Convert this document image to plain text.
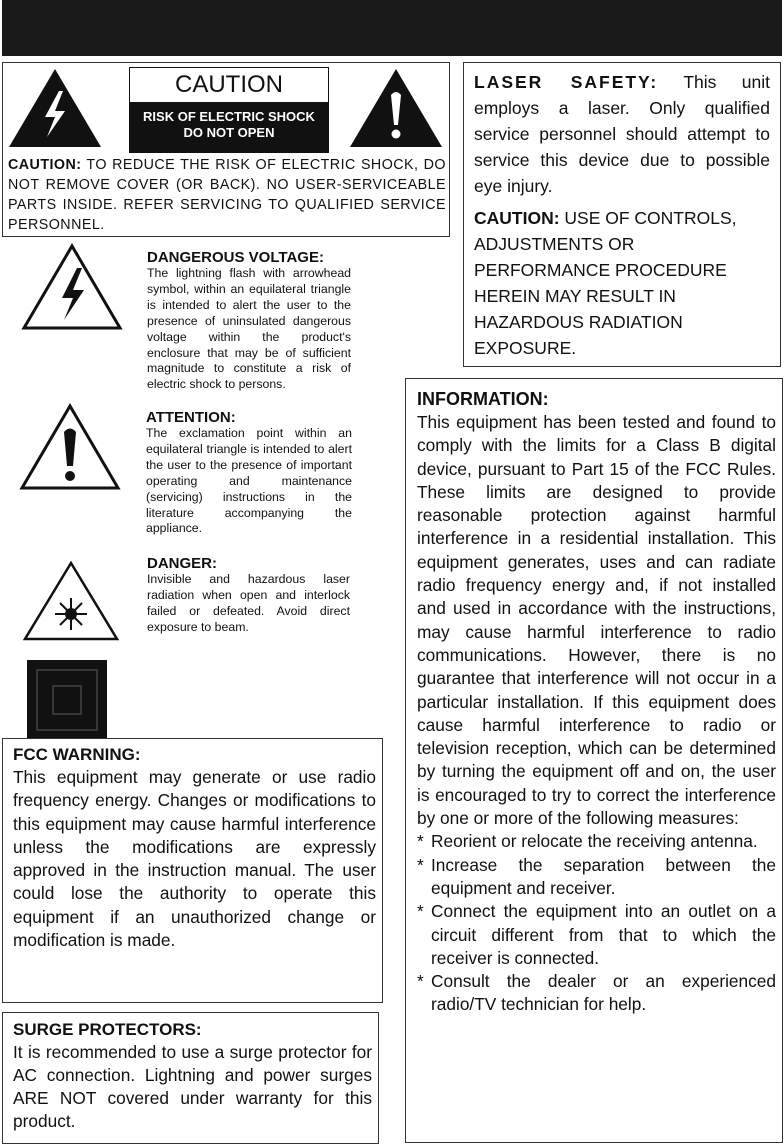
CAUTION
RISK OF ELECTRIC SHOCK
DO NOT OPEN
CAUTION: TO REDUCE THE RISK OF ELECTRIC SHOCK, DO NOT REMOVE COVER (OR BACK). NO USER-SERVICEABLE PARTS INSIDE. REFER SERVICING TO QUALIFIED SERVICE PERSONNEL.

LASER SAFETY: This unit employs a laser. Only qualified service personnel should attempt to service this device due to possible eye injury.

CAUTION: USE OF CONTROLS, ADJUSTMENTS OR PERFORMANCE PROCEDURE HEREIN MAY RESULT IN HAZARDOUS RADIATION EXPOSURE.

DANGEROUS VOLTAGE:
The lightning flash with arrowhead symbol, within an equilateral triangle is intended to alert the user to the presence of uninsulated dangerous voltage within the product's enclosure that may be of sufficient magnitude to constitute a risk of electric shock to persons.
ATTENTION:
The exclamation point within an equilateral triangle is intended to alert the user to the presence of important operating and maintenance (servicing) instructions in the literature accompanying the appliance.
DANGER:
Invisible and hazardous laser radiation when open and interlock failed or defeated. Avoid direct exposure to beam.
INFORMATION:

This equipment has been tested and found to comply with the limits for a Class B digital device, pursuant to Part 15 of the FCC Rules. These limits are designed to provide reasonable protection against harmful interference in a residential installation. This equipment generates, uses and can radiate radio frequency energy and, if not installed and used in accordance with the instructions, may cause harmful interference to radio communications. However, there is no guarantee that interference will not occur in a particular installation. If this equipment does cause harmful interference to radio or television reception, which can be determined by turning the equipment off and on, the user is encouraged to try to correct the interference by one or more of the following measures:

* Reorient or relocate the receiving antenna.
* Increase the separation between the equipment and receiver.
* Connect the equipment into an outlet on a circuit different from that to which the receiver is connected.
* Consult the dealer or an experienced radio/TV technician for help.
FCC WARNING:

This equipment may generate or use radio frequency energy. Changes or modifications to this equipment may cause harmful interference unless the modifications are expressly approved in the instruction manual. The user could lose the authority to operate this equipment if an unauthorized change or modification is made.

SURGE PROTECTORS:

It is recommended to use a surge protector for AC connection. Lightning and power surges ARE NOT covered under warranty for this product.
